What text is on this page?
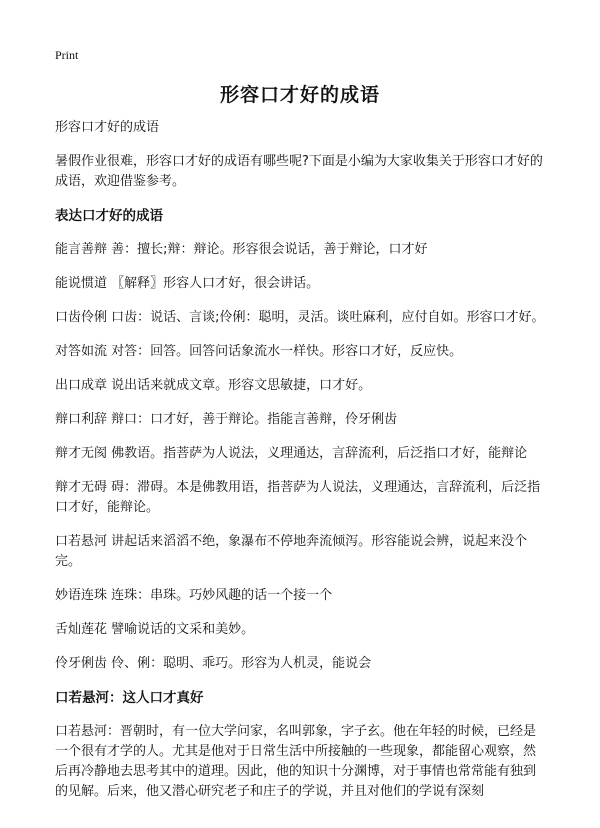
Print
形容口才好的成语
形容口才好的成语
暑假作业很难，形容口才好的成语有哪些呢?下面是小编为大家收集关于形容口才好的成语，欢迎借鉴参考。
表达口才好的成语
能言善辩 善：擅长;辩：辩论。形容很会说话，善于辩论，口才好
能说惯道 〖解释〗形容人口才好，很会讲话。
口齿伶俐 口齿：说话、言谈;伶俐：聪明，灵活。谈吐麻利，应付自如。形容口才好。
对答如流 对答：回答。回答问话象流水一样快。形容口才好，反应快。
出口成章 说出话来就成文章。形容文思敏捷，口才好。
辩口利辞 辩口：口才好，善于辩论。指能言善辩，伶牙俐齿
辩才无阂 佛教语。指菩萨为人说法，义理通达，言辞流利，后泛指口才好，能辩论
辩才无碍 碍：滞碍。本是佛教用语，指菩萨为人说法，义理通达，言辞流利，后泛指口才好，能辩论。
口若悬河 讲起话来滔滔不绝，象瀑布不停地奔流倾泻。形容能说会辨，说起来没个完。
妙语连珠 连珠：串珠。巧妙风趣的话一个接一个
舌灿莲花 譬喻说话的文采和美妙。
伶牙俐齿 伶、俐：聪明、乖巧。形容为人机灵，能说会
口若悬河：这人口才真好
口若悬河：晋朝时，有一位大学问家，名叫郭象，字子玄。他在年轻的时候，已经是一个很有才学的人。尤其是他对于日常生活中所接触的一些现象，都能留心观察，然后再冷静地去思考其中的道理。因此，他的知识十分渊博，对于事情也常常能有独到的见解。后来，他又潜心研究老子和庄子的学说，并且对他们的学说有深刻
